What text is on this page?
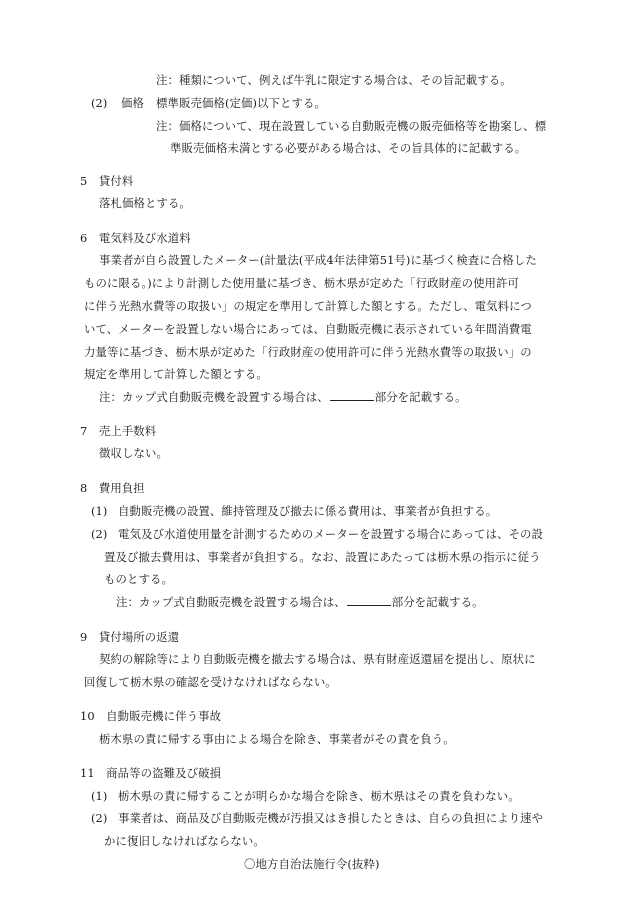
注：種類について、例えば牛乳に限定する場合は、その旨記載する。
(2) 価格 標準販売価格(定価)以下とする。
注：価格について、現在設置している自動販売機の販売価格等を勘案し、標
準販売価格未満とする必要がある場合は、その旨具体的に記載する。
5　貸付料
落札価格とする。
6　電気料及び水道料
事業者が自ら設置したメーター(計量法(平成4年法律第51号)に基づく検査に合格した
ものに限る。)により計測した使用量に基づき、栃木県が定めた「行政財産の使用許可
に伴う光熱水費等の取扱い」の規定を準用して計算した額とする。ただし、電気料につ
いて、メーターを設置しない場合にあっては、自動販売機に表示されている年間消費電
力量等に基づき、栃木県が定めた「行政財産の使用許可に伴う光熱水費等の取扱い」の
規定を準用して計算した額とする。
注：カップ式自動販売機を設置する場合は、	部分を記載する。
7　売上手数料
徴収しない。
8　費用負担
(1) 自動販売機の設置、維持管理及び撤去に係る費用は、事業者が負担する。
(2) 電気及び水道使用量を計測するためのメーターを設置する場合にあっては、その設
置及び撤去費用は、事業者が負担する。なお、設置にあたっては栃木県の指示に従う
ものとする。
注：カップ式自動販売機を設置する場合は、	部分を記載する。
9　貸付場所の返還
契約の解除等により自動販売機を撤去する場合は、県有財産返還届を提出し、原状に
回復して栃木県の確認を受けなければならない。
10　自動販売機に伴う事故
栃木県の責に帰する事由による場合を除き、事業者がその責を負う。
11　商品等の盗難及び破損
(1) 栃木県の責に帰することが明らかな場合を除き、栃木県はその責を負わない。
(2) 事業者は、商品及び自動販売機が汚損又はき損したときは、自らの負担により速や
かに復旧しなければならない。
〇地方自治法施行令(抜粋)
